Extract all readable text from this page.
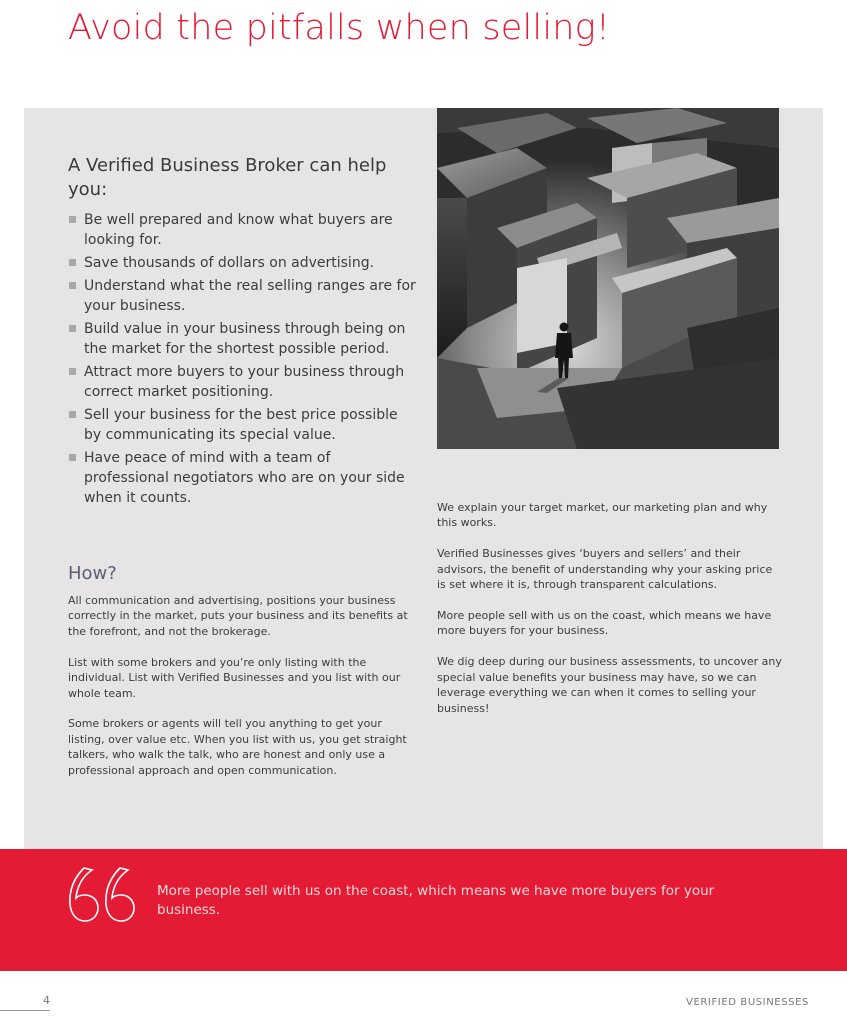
Avoid the pitfalls when selling!

A Verified Business Broker can help you:

Be well prepared and know what buyers are looking for.
Save thousands of dollars on advertising.
Understand what the real selling ranges are for your business.
Build value in your business through being on the market for the shortest possible period.
Attract more buyers to your business through correct market positioning.
Sell your business for the best price possible by communicating its special value.
Have peace of mind with a team of professional negotiators who are on your side when it counts.
How?

All communication and advertising, positions your business correctly in the market, puts your business and its benefits at the forefront, and not the brokerage.

List with some brokers and you’re only listing with the individual. List with Verified Businesses and you list with our whole team.

Some brokers or agents will tell you anything to get your listing, over value etc. When you list with us, you get straight talkers, who walk the talk, who are honest and only use a professional approach and open communication.

We explain your target market, our marketing plan and why this works.

Verified Businesses gives ‘buyers and sellers’ and their advisors, the benefit of understanding why your asking price is set where it is, through transparent calculations.

More people sell with us on the coast, which means we have more buyers for your business.

We dig deep during our business assessments, to uncover any special value benefits your business may have, so we can leverage everything we can when it comes to selling your business!

More people sell with us on the coast, which means we have more buyers for your business.

4	VERIFIED BUSINESSES
